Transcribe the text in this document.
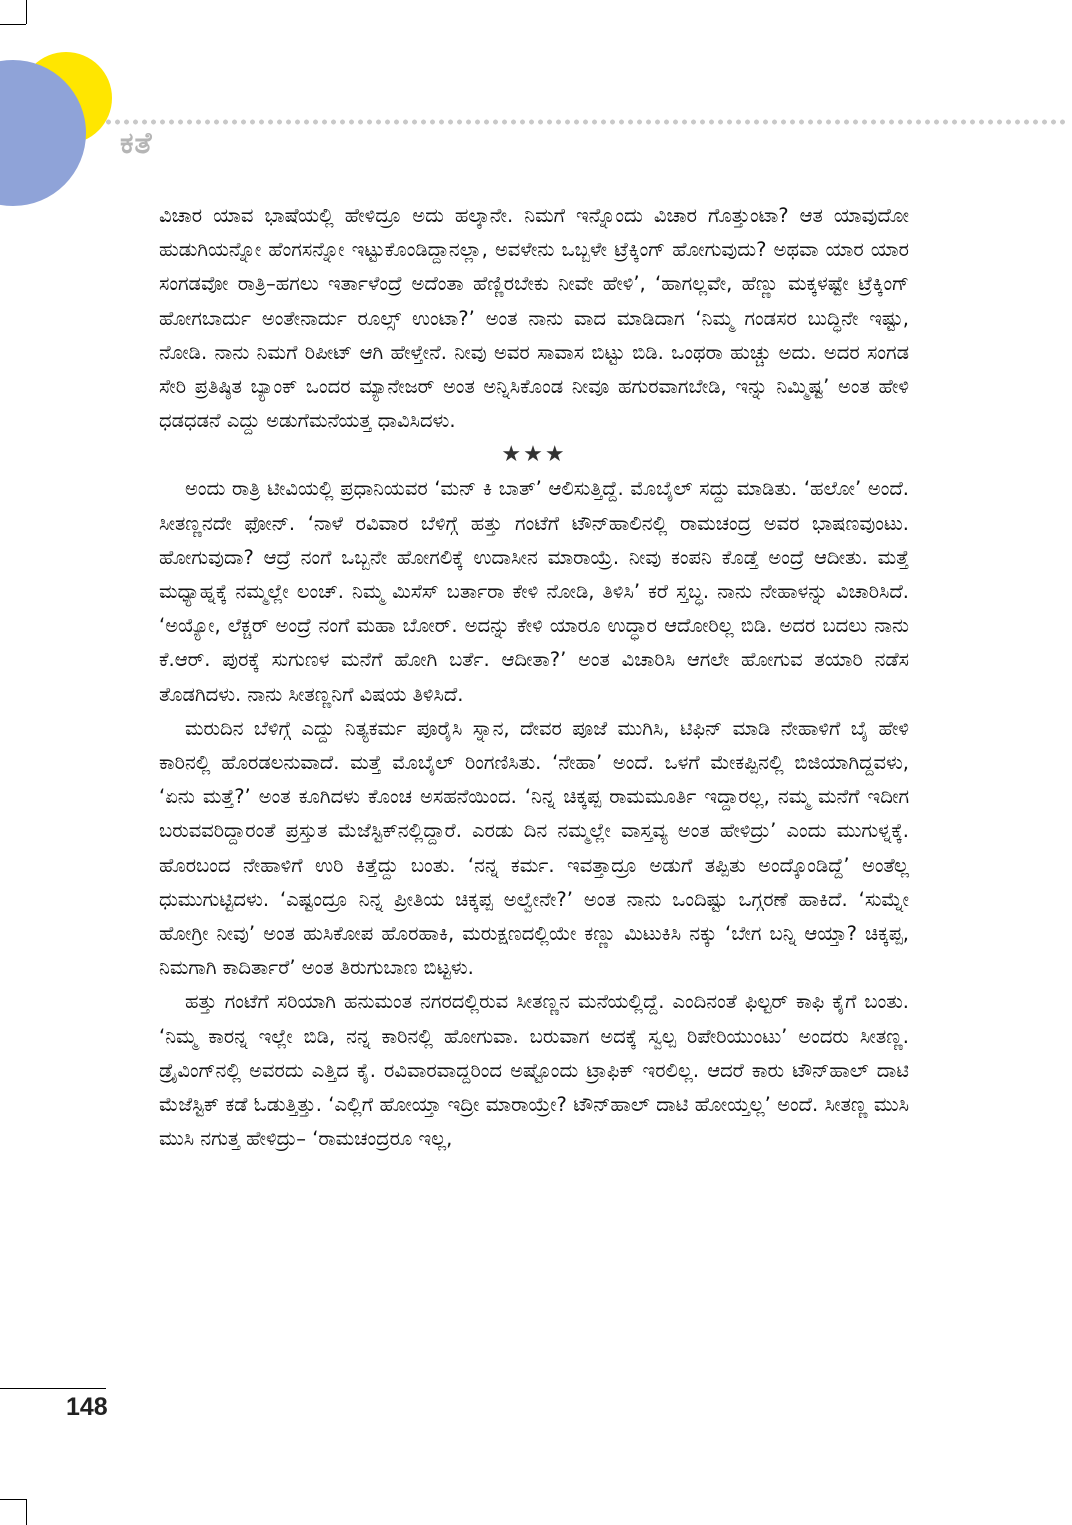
ಕತೆ

ವಿಚಾರ ಯಾವ ಭಾಷೆಯಲ್ಲಿ ಹೇಳಿದ್ರೂ ಅದು ಹಲ್ಕಾನೇ. ನಿಮಗೆ ಇನ್ನೊಂದು ವಿಚಾರ ಗೊತ್ತುಂಟಾ? ಆತ ಯಾವುದೋ ಹುಡುಗಿಯನ್ನೋ ಹೆಂಗಸನ್ನೋ ಇಟ್ಟುಕೊಂಡಿದ್ದಾನಲ್ಲಾ, ಅವಳೇನು ಒಬ್ಬಳೇ ಟ್ರೆಕ್ಕಿಂಗ್ ಹೋಗುವುದು? ಅಥವಾ ಯಾರ ಯಾರ ಸಂಗಡವೋ ರಾತ್ರಿ–ಹಗಲು ಇರ್ತಾಳೆಂದ್ರೆ ಅದೆಂತಾ ಹೆಣ್ಣಿರಬೇಕು ನೀವೇ ಹೇಳಿ’, ‘ಹಾಗಲ್ಲವೇ, ಹೆಣ್ಣು ಮಕ್ಕಳಷ್ಟೇ ಟ್ರೆಕ್ಕಿಂಗ್ ಹೋಗಬಾರ್ದು ಅಂತೇನಾರ್ದು ರೂಲ್ಸ್ ಉಂಟಾ?’ ಅಂತ ನಾನು ವಾದ ಮಾಡಿದಾಗ ‘ನಿಮ್ಮ ಗಂಡಸರ ಬುದ್ಧಿನೇ ಇಷ್ಟು, ನೋಡಿ. ನಾನು ನಿಮಗೆ ರಿಪೀಟ್ ಆಗಿ ಹೇಳ್ತೇನೆ. ನೀವು ಅವರ ಸಾವಾಸ ಬಿಟ್ಟು ಬಿಡಿ. ಒಂಥರಾ ಹುಚ್ಚು ಅದು. ಅದರ ಸಂಗಡ ಸೇರಿ ಪ್ರತಿಷ್ಠಿತ ಬ್ಯಾಂಕ್ ಒಂದರ ಮ್ಯಾನೇಜರ್ ಅಂತ ಅನ್ನಿಸಿಕೊಂಡ ನೀವೂ ಹಗುರವಾಗಬೇಡಿ, ಇನ್ನು ನಿಮ್ಮಿಷ್ಟ’ ಅಂತ ಹೇಳಿ ಧಡಧಡನೆ ಎದ್ದು ಅಡುಗೆಮನೆಯತ್ತ ಧಾವಿಸಿದಳು.

★★★

ಅಂದು ರಾತ್ರಿ ಟೀವಿಯಲ್ಲಿ ಪ್ರಧಾನಿಯವರ ‘ಮನ್ ಕಿ ಬಾತ್’ ಆಲಿಸುತ್ತಿದ್ದೆ. ಮೊಬೈಲ್ ಸದ್ದು ಮಾಡಿತು. ‘ಹಲೋ’ ಅಂದೆ. ಸೀತಣ್ಣನದೇ ಫೋನ್. ‘ನಾಳೆ ರವಿವಾರ ಬೆಳಿಗ್ಗೆ ಹತ್ತು ಗಂಟೆಗೆ ಟೌನ್‌ಹಾಲಿನಲ್ಲಿ ರಾಮಚಂದ್ರ ಅವರ ಭಾಷಣವುಂಟು. ಹೋಗುವುದಾ? ಆದ್ರೆ ನಂಗೆ ಒಬ್ಬನೇ ಹೋಗಲಿಕ್ಕೆ ಉದಾಸೀನ ಮಾರಾಯ್ರೆ. ನೀವು ಕಂಪನಿ ಕೊಡ್ತೆ ಅಂದ್ರೆ ಆದೀತು. ಮತ್ತೆ ಮಧ್ಯಾಹ್ನಕ್ಕೆ ನಮ್ಮಲ್ಲೇ ಲಂಚ್. ನಿಮ್ಮ ಮಿಸೆಸ್ ಬರ್ತಾರಾ ಕೇಳಿ ನೋಡಿ, ತಿಳಿಸಿ’ ಕರೆ ಸ್ತಬ್ಧ. ನಾನು ನೇಹಾಳನ್ನು ವಿಚಾರಿಸಿದೆ. ‘ಅಯ್ಯೋ, ಲೆಕ್ಚರ್ ಅಂದ್ರೆ ನಂಗೆ ಮಹಾ ಬೋರ್. ಅದನ್ನು ಕೇಳಿ ಯಾರೂ ಉದ್ಧಾರ ಆದೋರಿಲ್ಲ ಬಿಡಿ. ಅದರ ಬದಲು ನಾನು ಕೆ.ಆರ್. ಪುರಕ್ಕೆ ಸುಗುಣಳ ಮನೆಗೆ ಹೋಗಿ ಬರ್ತೆ. ಆದೀತಾ?’ ಅಂತ ವಿಚಾರಿಸಿ ಆಗಲೇ ಹೋಗುವ ತಯಾರಿ ನಡೆಸ ತೊಡಗಿದಳು. ನಾನು ಸೀತಣ್ಣನಿಗೆ ವಿಷಯ ತಿಳಿಸಿದೆ.

ಮರುದಿನ ಬೆಳಿಗ್ಗೆ ಎದ್ದು ನಿತ್ಯಕರ್ಮ ಪೂರೈಸಿ ಸ್ನಾನ, ದೇವರ ಪೂಜೆ ಮುಗಿಸಿ, ಟಿಫಿನ್ ಮಾಡಿ ನೇಹಾಳಿಗೆ ಬೈ ಹೇಳಿ ಕಾರಿನಲ್ಲಿ ಹೊರಡಲನುವಾದೆ. ಮತ್ತೆ ಮೊಬೈಲ್ ರಿಂಗಣಿಸಿತು. ‘ನೇಹಾ’ ಅಂದೆ. ಒಳಗೆ ಮೇಕಪ್ಪಿನಲ್ಲಿ ಬಿಜಿಯಾಗಿದ್ದವಳು, ‘ಏನು ಮತ್ತೆ?’ ಅಂತ ಕೂಗಿದಳು ಕೊಂಚ ಅಸಹನೆಯಿಂದ. ‘ನಿನ್ನ ಚಿಕ್ಕಪ್ಪ ರಾಮಮೂರ್ತಿ ಇದ್ದಾರಲ್ಲ, ನಮ್ಮ ಮನೆಗೆ ಇದೀಗ ಬರುವವರಿದ್ದಾರಂತೆ ಪ್ರಸ್ತುತ ಮೆಜೆಸ್ಟಿಕ್‌ನಲ್ಲಿದ್ದಾರೆ. ಎರಡು ದಿನ ನಮ್ಮಲ್ಲೇ ವಾಸ್ತವ್ಯ ಅಂತ ಹೇಳಿದ್ರು’ ಎಂದು ಮುಗುಳ್ನಕ್ಕೆ. ಹೊರಬಂದ ನೇಹಾಳಿಗೆ ಉರಿ ಕಿತ್ತೆದ್ದು ಬಂತು. ‘ನನ್ನ ಕರ್ಮ. ಇವತ್ತಾದ್ರೂ ಅಡುಗೆ ತಪ್ಪಿತು ಅಂದ್ಕೊಂಡಿದ್ದೆ’ ಅಂತೆಲ್ಲ ಧುಮುಗುಟ್ಟಿದಳು. ‘ಎಷ್ಟಂದ್ರೂ ನಿನ್ನ ಪ್ರೀತಿಯ ಚಿಕ್ಕಪ್ಪ ಅಲ್ವೇನೇ?’ ಅಂತ ನಾನು ಒಂದಿಷ್ಟು ಒಗ್ಗರಣೆ ಹಾಕಿದೆ. ‘ಸುಮ್ನೇ ಹೋಗ್ರೀ ನೀವು’ ಅಂತ ಹುಸಿಕೋಪ ಹೊರಹಾಕಿ, ಮರುಕ್ಷಣದಲ್ಲಿಯೇ ಕಣ್ಣು ಮಿಟುಕಿಸಿ ನಕ್ಕು ‘ಬೇಗ ಬನ್ನಿ ಆಯ್ತಾ? ಚಿಕ್ಕಪ್ಪ, ನಿಮಗಾಗಿ ಕಾದಿರ್ತಾರೆ’ ಅಂತ ತಿರುಗುಬಾಣ ಬಿಟ್ಟಳು.

ಹತ್ತು ಗಂಟೆಗೆ ಸರಿಯಾಗಿ ಹನುಮಂತ ನಗರದಲ್ಲಿರುವ ಸೀತಣ್ಣನ ಮನೆಯಲ್ಲಿದ್ದೆ. ಎಂದಿನಂತೆ ಫಿಲ್ಟರ್ ಕಾಫಿ ಕೈಗೆ ಬಂತು. ‘ನಿಮ್ಮ ಕಾರನ್ನ ಇಲ್ಲೇ ಬಿಡಿ, ನನ್ನ ಕಾರಿನಲ್ಲಿ ಹೋಗುವಾ. ಬರುವಾಗ ಅದಕ್ಕೆ ಸ್ವಲ್ಪ ರಿಪೇರಿಯುಂಟು’ ಅಂದರು ಸೀತಣ್ಣ. ಡ್ರೈವಿಂಗ್‌ನಲ್ಲಿ ಅವರದು ಎತ್ತಿದ ಕೈ. ರವಿವಾರವಾದ್ದರಿಂದ ಅಷ್ಟೊಂದು ಟ್ರಾಫಿಕ್ ಇರಲಿಲ್ಲ. ಆದರೆ ಕಾರು ಟೌನ್‌ಹಾಲ್ ದಾಟಿ ಮೆಜೆಸ್ಟಿಕ್ ಕಡೆ ಓಡುತ್ತಿತ್ತು. ‘ಎಲ್ಲಿಗೆ ಹೋಯ್ತಾ ಇದ್ರೀ ಮಾರಾಯ್ರೇ? ಟೌನ್‌ಹಾಲ್ ದಾಟಿ ಹೋಯ್ತಲ್ಲ’ ಅಂದೆ. ಸೀತಣ್ಣ ಮುಸಿ ಮುಸಿ ನಗುತ್ತ ಹೇಳಿದ್ರು– ‘ರಾಮಚಂದ್ರರೂ ಇಲ್ಲ,

148
